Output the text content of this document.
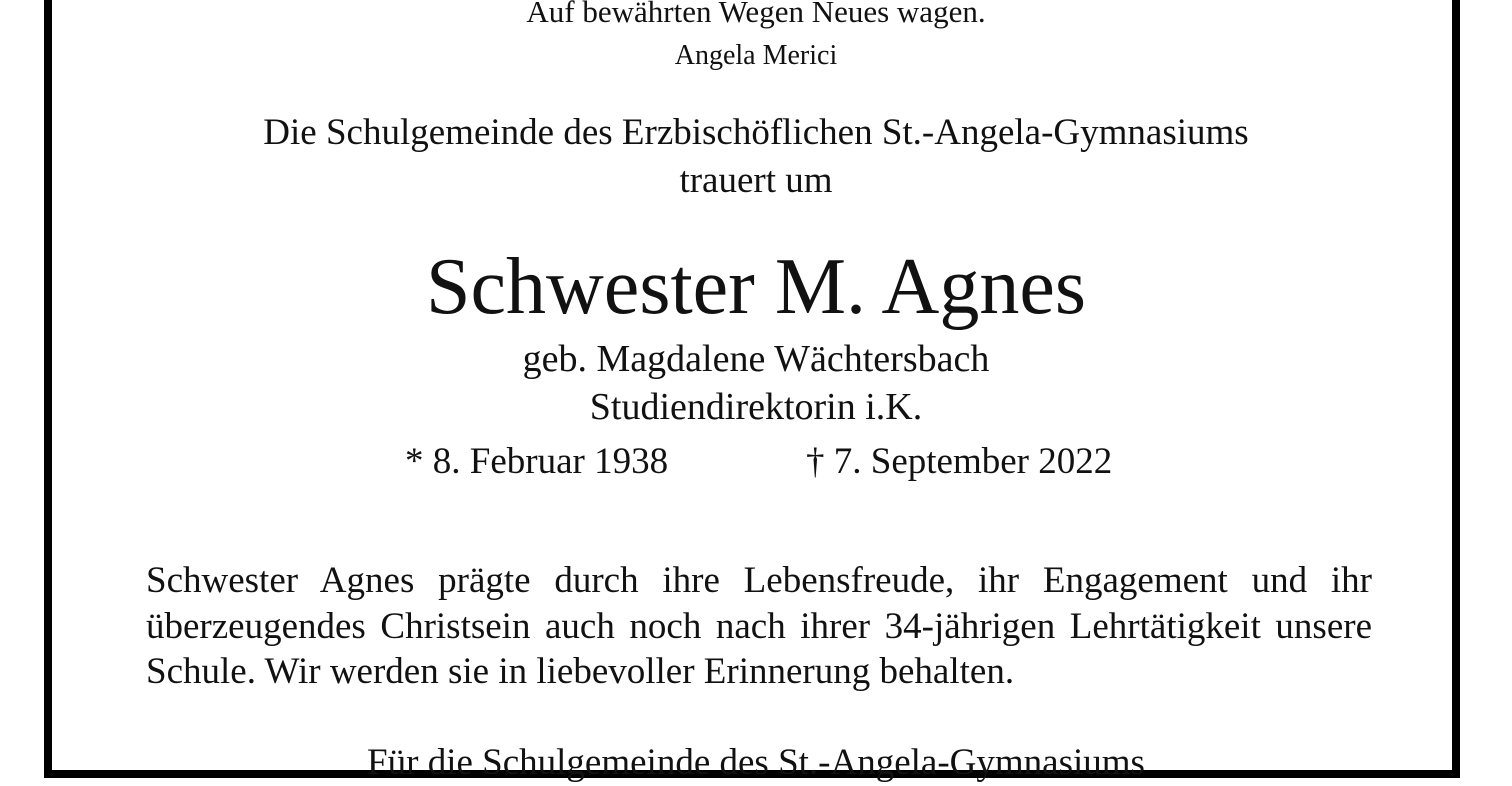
Auf bewährten Wegen Neues wagen.
Angela Merici
Die Schulgemeinde des Erzbischöflichen St.-Angela-Gymnasiums
trauert um
Schwester M. Agnes
geb. Magdalene Wächtersbach
Studiendirektorin i.K.
* 8. Februar 1938	† 7. September 2022
Schwester Agnes prägte durch ihre Lebensfreude, ihr Engagement und ihr überzeugendes Christsein auch noch nach ihrer 34-jährigen Lehrtätigkeit unsere Schule. Wir werden sie in liebevoller Erinnerung behalten.
Für die Schulgemeinde des St.-Angela-Gymnasiums
